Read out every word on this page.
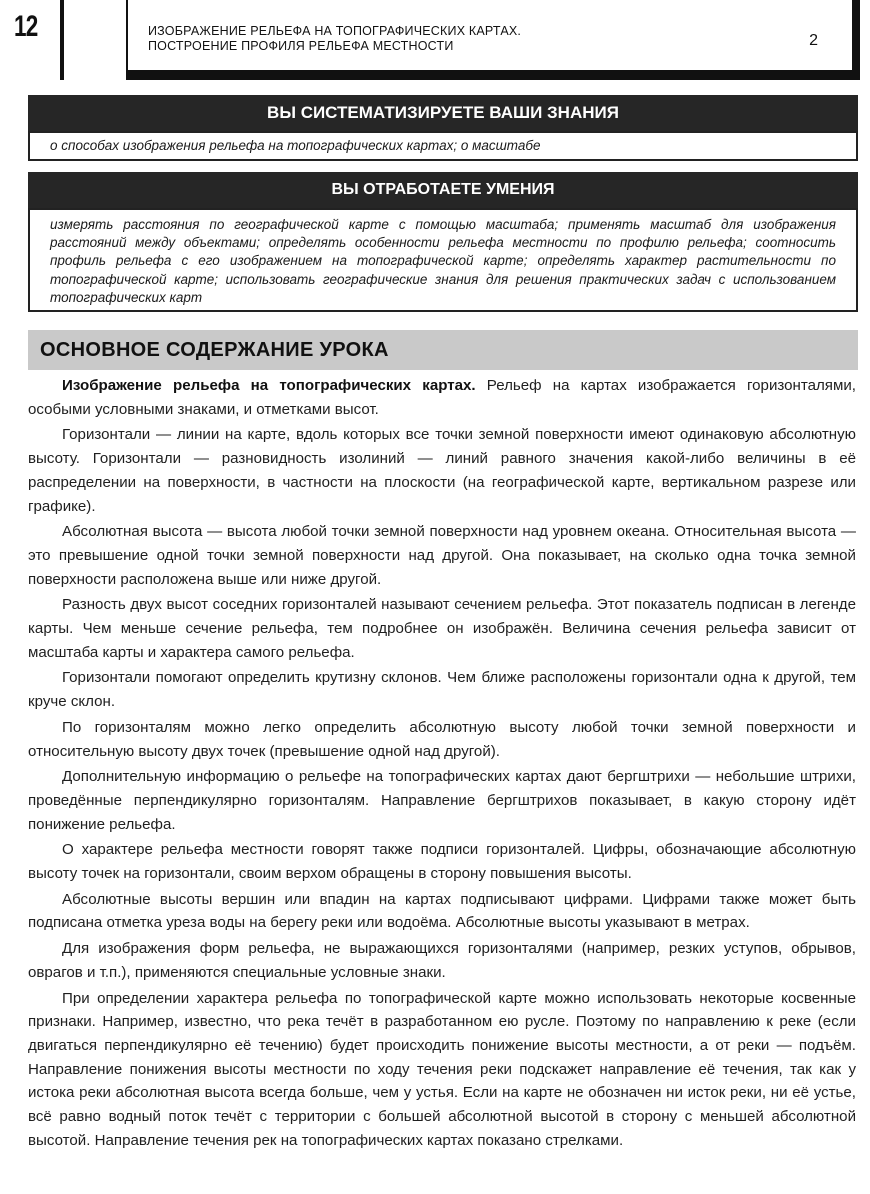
12	ИЗОБРАЖЕНИЕ РЕЛЬЕФА НА ТОПОГРАФИЧЕСКИХ КАРТАХ.
ПОСТРОЕНИЕ ПРОФИЛЯ РЕЛЬЕФА МЕСТНОСТИ	2
ВЫ СИСТЕМАТИЗИРУЕТЕ ВАШИ ЗНАНИЯ
о способах изображения рельефа на топографических картах; о масштабе
ВЫ ОТРАБОТАЕТЕ УМЕНИЯ
измерять расстояния по географической карте с помощью масштаба; применять масштаб для изображения расстояний между объектами; определять особенности рельефа местности по профилю рельефа; соотносить профиль рельефа с его изображением на топографической карте; определять характер растительности по топографической карте; использовать географические знания для решения практических задач с использованием топографических карт
ОСНОВНОЕ СОДЕРЖАНИЕ УРОКА

Изображение рельефа на топографических картах. Рельеф на картах изображается горизонталями, особыми условными знаками, и отметками высот.

Горизонтали — линии на карте, вдоль которых все точки земной поверхности имеют одинаковую абсолютную высоту. Горизонтали — разновидность изолиний — линий равного значения какой-либо величины в её распределении на поверхности, в частности на плоскости (на географической карте, вертикальном разрезе или графике).

Абсолютная высота — высота любой точки земной поверхности над уровнем океана. Относительная высота — это превышение одной точки земной поверхности над другой. Она показывает, на сколько одна точка земной поверхности расположена выше или ниже другой.

Разность двух высот соседних горизонталей называют сечением рельефа. Этот показатель подписан в легенде карты. Чем меньше сечение рельефа, тем подробнее он изображён. Величина сечения рельефа зависит от масштаба карты и характера самого рельефа.

Горизонтали помогают определить крутизну склонов. Чем ближе расположены горизонтали одна к другой, тем круче склон.

По горизонталям можно легко определить абсолютную высоту любой точки земной поверхности и относительную высоту двух точек (превышение одной над другой).

Дополнительную информацию о рельефе на топографических картах дают бергштрихи — небольшие штрихи, проведённые перпендикулярно горизонталям. Направление бергштрихов показывает, в какую сторону идёт понижение рельефа.

О характере рельефа местности говорят также подписи горизонталей. Цифры, обозначающие абсолютную высоту точек на горизонтали, своим верхом обращены в сторону повышения высоты.

Абсолютные высоты вершин или впадин на картах подписывают цифрами. Цифрами также может быть подписана отметка уреза воды на берегу реки или водоёма. Абсолютные высоты указывают в метрах.

Для изображения форм рельефа, не выражающихся горизонталями (например, резких уступов, обрывов, оврагов и т.п.), применяются специальные условные знаки.

При определении характера рельефа по топографической карте можно использовать некоторые косвенные признаки. Например, известно, что река течёт в разработанном ею русле. Поэтому по направлению к реке (если двигаться перпендикулярно её течению) будет происходить понижение высоты местности, а от реки — подъём. Направление понижения высоты местности по ходу течения реки подскажет направление её течения, так как у истока реки абсолютная высота всегда больше, чем у устья. Если на карте не обозначен ни исток реки, ни её устье, всё равно водный поток течёт с территории с большей абсолютной высотой в сторону с меньшей абсолютной высотой. Направление течения рек на топографических картах показано стрелками.
